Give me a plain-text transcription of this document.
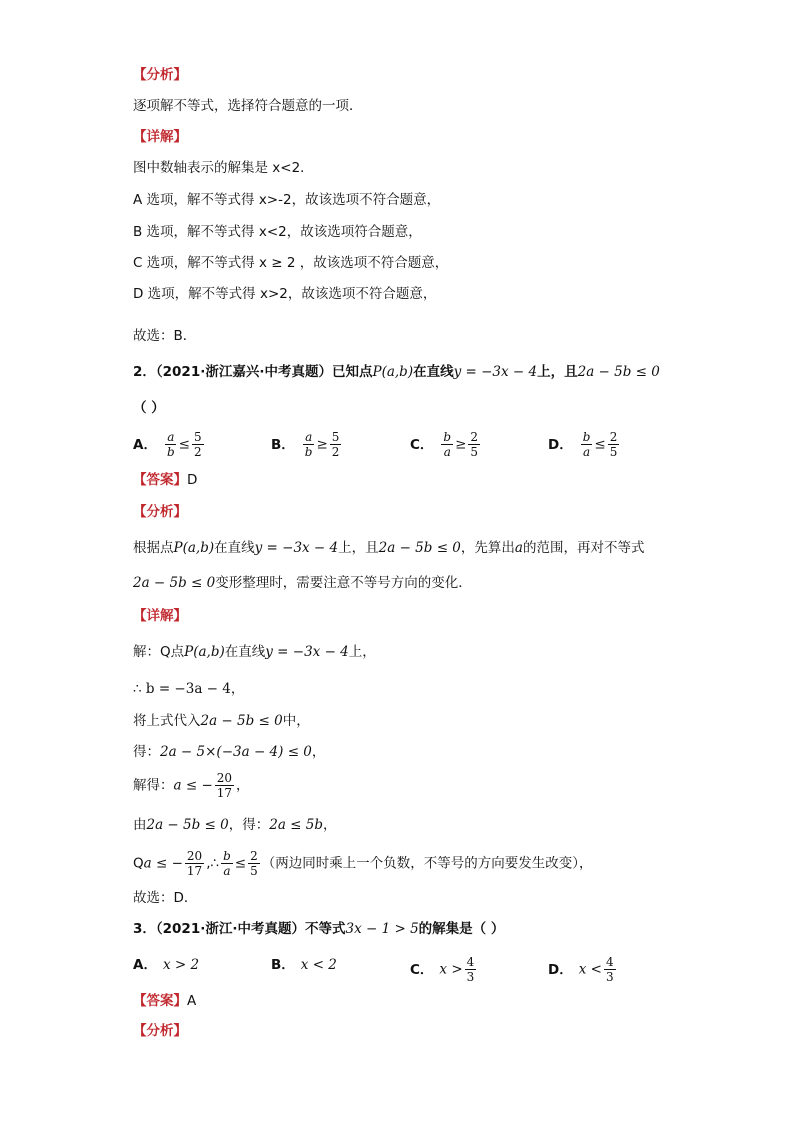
【分析】
逐项解不等式，选择符合题意的一项．
【详解】
图中数轴表示的解集是 x<2．
A 选项，解不等式得 x>-2，故该选项不符合题意，
B 选项，解不等式得 x<2，故该选项符合题意，
C 选项，解不等式得 x ≥ 2 ，故该选项不符合题意，
D 选项，解不等式得 x>2，故该选项不符合题意，
故选：B．
2．（2021·浙江嘉兴·中考真题）已知点P(a,b)在直线y = −3x − 4上，且2a − 5b ≤ 0
（ ）
A． $\frac{a}{b} \le \frac{5}{2}$	B． $\frac{a}{b} \ge \frac{5}{2}$	C． $\frac{b}{a} \ge \frac{2}{5}$	D． $\frac{b}{a} \le \frac{2}{5}$
【答案】D
【分析】
根据点P(a,b)在直线y = −3x − 4上，且2a − 5b ≤ 0，先算出a的范围，再对不等式
2a − 5b ≤ 0变形整理时，需要注意不等号方向的变化．
【详解】
解：Q点P(a,b)在直线y = −3x − 4上，
∴ b = −3a − 4，
将上式代入2a − 5b ≤ 0中，
得：2a − 5×(−3a − 4) ≤ 0，
解得：a ≤ − $\frac{20}{17}$ ，
由2a − 5b ≤ 0，得：2a ≤ 5b，
Qa ≤ − $\frac{20}{17}$ ,∴ $\frac{b}{a} \le \frac{2}{5}$ （两边同时乘上一个负数，不等号的方向要发生改变），
故选：D．
3．（2021·浙江·中考真题）不等式3x − 1 > 5的解集是（ ）
A． x > 2	B． x < 2	C． $x > \frac{4}{3}$	D． $x < \frac{4}{3}$
【答案】A
【分析】
